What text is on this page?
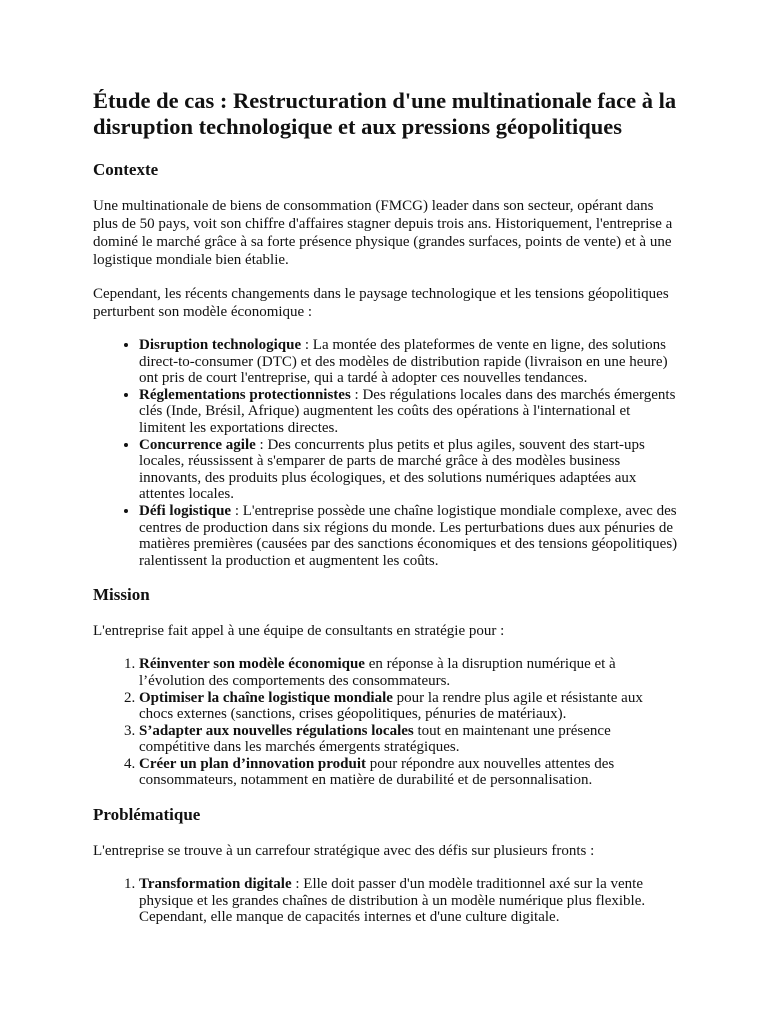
Étude de cas : Restructuration d'une multinationale face à la disruption technologique et aux pressions géopolitiques
Contexte

Une multinationale de biens de consommation (FMCG) leader dans son secteur, opérant dans plus de 50 pays, voit son chiffre d'affaires stagner depuis trois ans. Historiquement, l'entreprise a dominé le marché grâce à sa forte présence physique (grandes surfaces, points de vente) et à une logistique mondiale bien établie.

Cependant, les récents changements dans le paysage technologique et les tensions géopolitiques perturbent son modèle économique :

• Disruption technologique : La montée des plateformes de vente en ligne, des solutions direct-to-consumer (DTC) et des modèles de distribution rapide (livraison en une heure) ont pris de court l'entreprise, qui a tardé à adopter ces nouvelles tendances.
• Réglementations protectionnistes : Des régulations locales dans des marchés émergents clés (Inde, Brésil, Afrique) augmentent les coûts des opérations à l'international et limitent les exportations directes.
• Concurrence agile : Des concurrents plus petits et plus agiles, souvent des start-ups locales, réussissent à s'emparer de parts de marché grâce à des modèles business innovants, des produits plus écologiques, et des solutions numériques adaptées aux attentes locales.
• Défi logistique : L'entreprise possède une chaîne logistique mondiale complexe, avec des centres de production dans six régions du monde. Les perturbations dues aux pénuries de matières premières (causées par des sanctions économiques et des tensions géopolitiques) ralentissent la production et augmentent les coûts.
Mission

L'entreprise fait appel à une équipe de consultants en stratégie pour :

1. Réinventer son modèle économique en réponse à la disruption numérique et à l’évolution des comportements des consommateurs.
2. Optimiser la chaîne logistique mondiale pour la rendre plus agile et résistante aux chocs externes (sanctions, crises géopolitiques, pénuries de matériaux).
3. S’adapter aux nouvelles régulations locales tout en maintenant une présence compétitive dans les marchés émergents stratégiques.
4. Créer un plan d’innovation produit pour répondre aux nouvelles attentes des consommateurs, notamment en matière de durabilité et de personnalisation.
Problématique

L'entreprise se trouve à un carrefour stratégique avec des défis sur plusieurs fronts :

1. Transformation digitale : Elle doit passer d'un modèle traditionnel axé sur la vente physique et les grandes chaînes de distribution à un modèle numérique plus flexible. Cependant, elle manque de capacités internes et d'une culture digitale.
